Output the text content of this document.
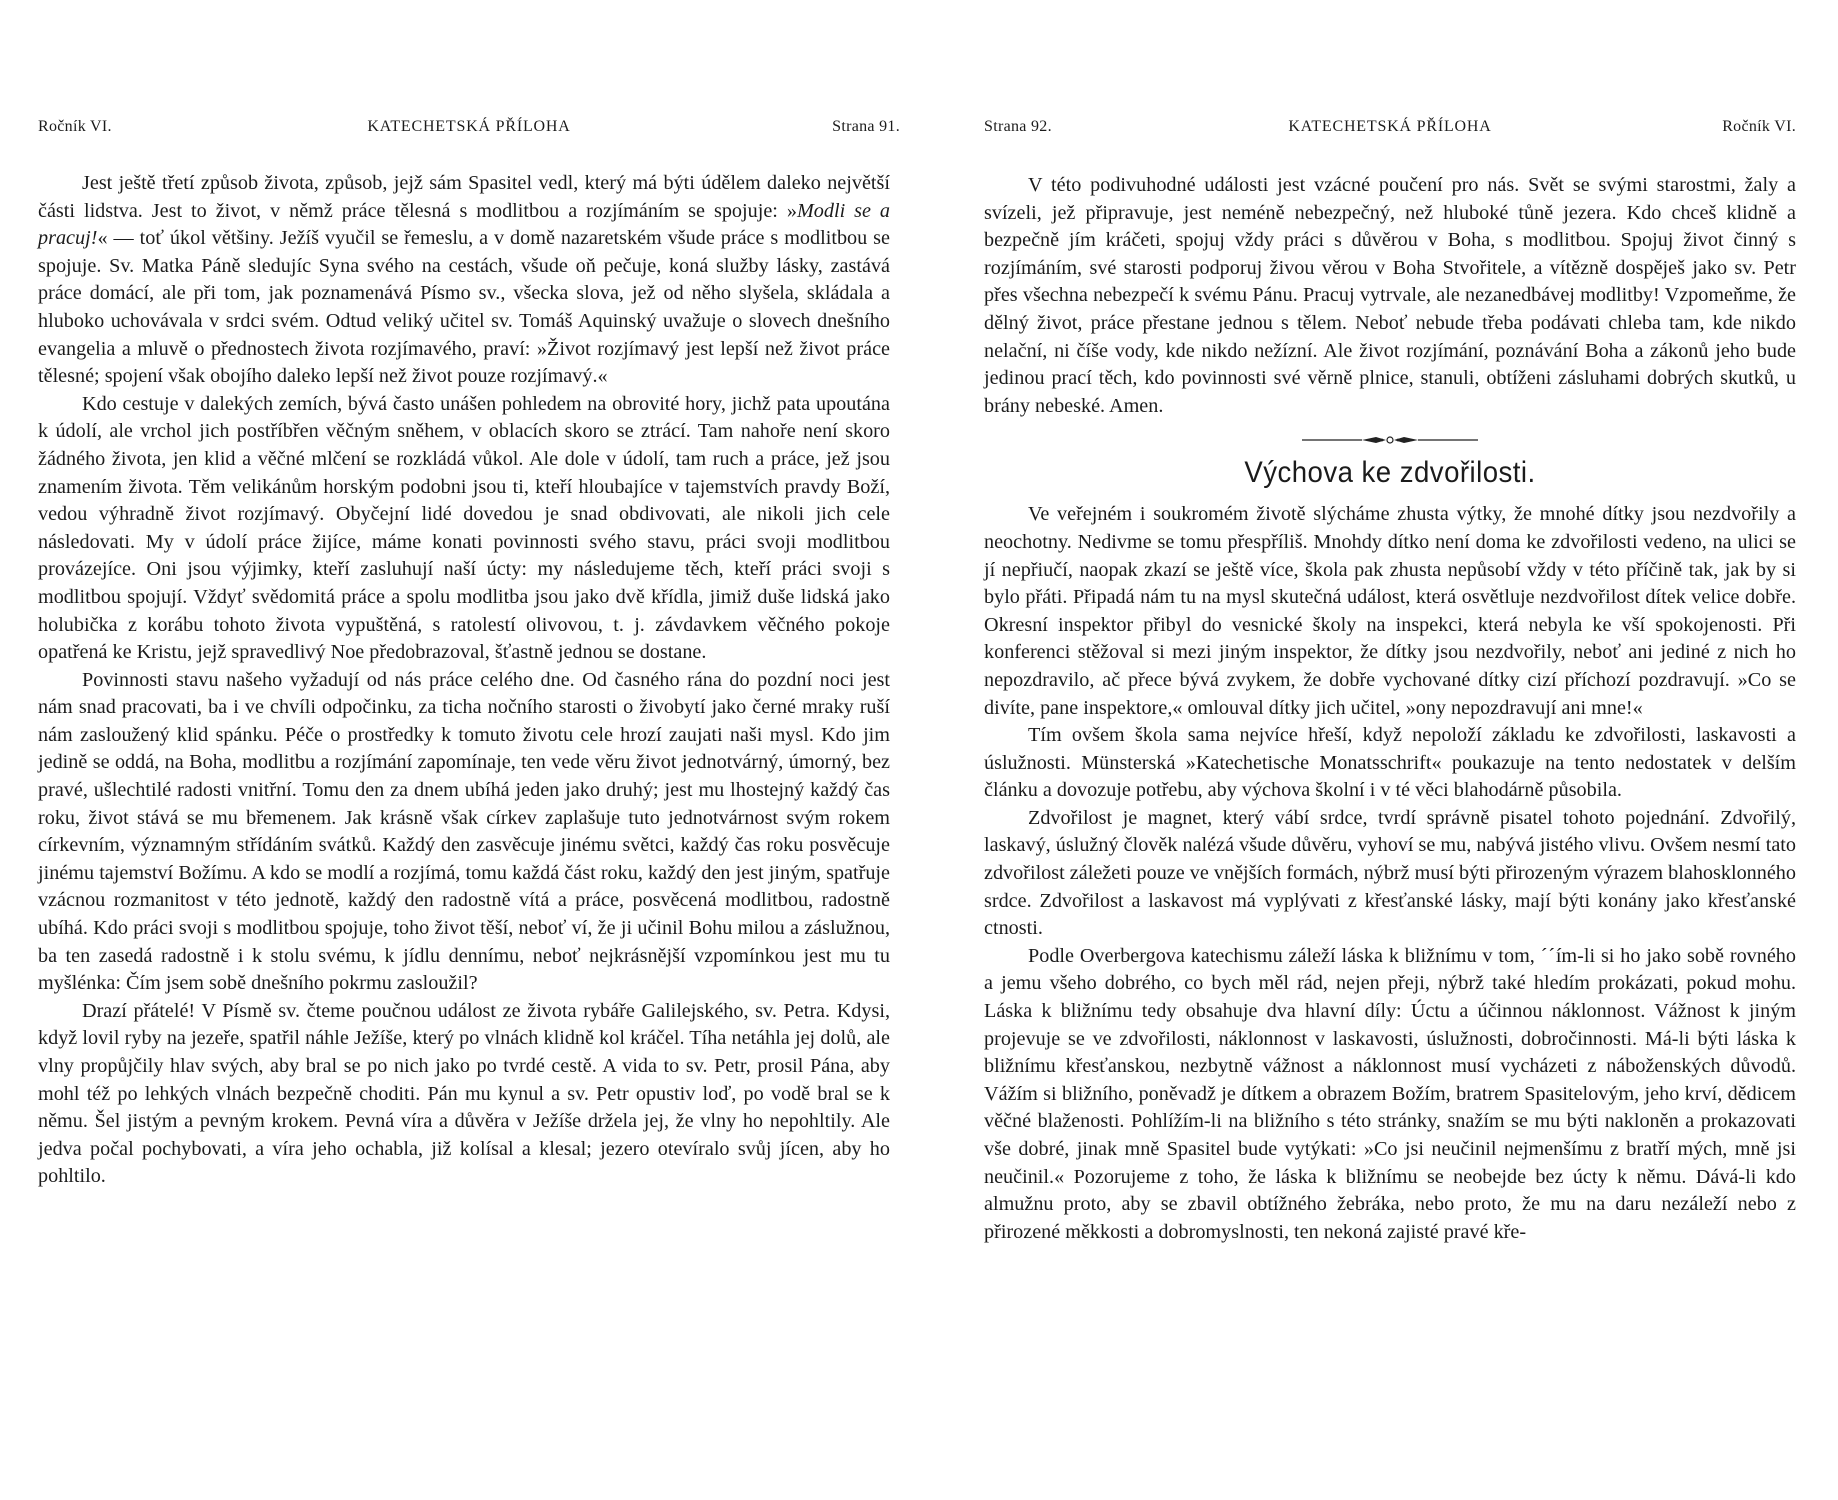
Ročník VI.	KATECHETSKÁ PŘÍLOHA	Strana 91.

Jest ještě třetí způsob života, způsob, jejž sám Spasitel vedl, který má býti údělem daleko největší části lidstva. Jest to život, v němž práce tělesná s modlitbou a rozjímáním se spojuje: »Modli se a pracuj!« — toť úkol většiny. Ježíš vyučil se řemeslu, a v domě nazaretském všude práce s modlitbou se spojuje. Sv. Matka Páně sledujíc Syna svého na cestách, všude oň pečuje, koná služby lásky, zastává práce domácí, ale při tom, jak poznamenává Písmo sv., všecka slova, jež od něho slyšela, skládala a hluboko uchovávala v srdci svém. Odtud veliký učitel sv. Tomáš Aquinský uvažuje o slovech dnešního evangelia a mluvě o přednostech života rozjímavého, praví: »Život rozjímavý jest lepší než život práce tělesné; spojení však obojího daleko lepší než život pouze rozjímavý.«

Kdo cestuje v dalekých zemích, bývá často unášen pohledem na obrovité hory, jichž pata upoutána k údolí, ale vrchol jich postříbřen věčným sněhem, v oblacích skoro se ztrácí. Tam nahoře není skoro žádného života, jen klid a věčné mlčení se rozkládá vůkol. Ale dole v údolí, tam ruch a práce, jež jsou znamením života. Těm velikánům horským podobni jsou ti, kteří hloubajíce v tajemstvích pravdy Boží, vedou výhradně život rozjímavý. Obyčejní lidé dovedou je snad obdivovati, ale nikoli jich cele následovati. My v údolí práce žijíce, máme konati povinnosti svého stavu, práci svoji modlitbou provázejíce. Oni jsou výjimky, kteří zasluhují naší úcty: my následujeme těch, kteří práci svoji s modlitbou spojují. Vždyť svědomitá práce a spolu modlitba jsou jako dvě křídla, jimiž duše lidská jako holubička z korábu tohoto života vypuštěná, s ratolestí olivovou, t. j. závdavkem věčného pokoje opatřená ke Kristu, jejž spravedlivý Noe předobrazoval, šťastně jednou se dostane.

Povinnosti stavu našeho vyžadují od nás práce celého dne. Od časného rána do pozdní noci jest nám snad pracovati, ba i ve chvíli odpočinku, za ticha nočního starosti o živobytí jako černé mraky ruší nám zasloužený klid spánku. Péče o prostředky k tomuto životu cele hrozí zaujati naši mysl. Kdo jim jedině se oddá, na Boha, modlitbu a rozjímání zapomínaje, ten vede věru život jednotvárný, úmorný, bez pravé, ušlechtilé radosti vnitřní. Tomu den za dnem ubíhá jeden jako druhý; jest mu lhostejný každý čas roku, život stává se mu břemenem. Jak krásně však církev zaplašuje tuto jednotvárnost svým rokem církevním, významným střídáním svátků. Každý den zasvěcuje jinému světci, každý čas roku posvěcuje jinému tajemství Božímu. A kdo se modlí a rozjímá, tomu každá část roku, každý den jest jiným, spatřuje vzácnou rozmanitost v této jednotě, každý den radostně vítá a práce, posvěcená modlitbou, radostně ubíhá. Kdo práci svoji s modlitbou spojuje, toho život těší, neboť ví, že ji učinil Bohu milou a záslužnou, ba ten zasedá radostně i k stolu svému, k jídlu dennímu, neboť nejkrásnější vzpomínkou jest mu tu myšlénka: Čím jsem sobě dnešního pokrmu zasloužil?

Drazí přátelé! V Písmě sv. čteme poučnou událost ze života rybáře Galilejského, sv. Petra. Kdysi, když lovil ryby na jezeře, spatřil náhle Ježíše, který po vlnách klidně kol kráčel. Tíha netáhla jej dolů, ale vlny propůjčily hlav svých, aby bral se po nich jako po tvrdé cestě. A vida to sv. Petr, prosil Pána, aby mohl též po lehkých vlnách bezpečně choditi. Pán mu kynul a sv. Petr opustiv loď, po vodě bral se k němu. Šel jistým a pevným krokem. Pevná víra a důvěra v Ježíše držela jej, že vlny ho nepohltily. Ale jedva počal pochybovati, a víra jeho ochabla, již kolísal a klesal; jezero otevíralo svůj jícen, aby ho pohltilo.

Strana 92.	KATECHETSKÁ PŘÍLOHA	Ročník VI.

V této podivuhodné události jest vzácné poučení pro nás. Svět se svými starostmi, žaly a svízeli, jež připravuje, jest neméně nebezpečný, než hluboké tůně jezera. Kdo chceš klidně a bezpečně jím kráčeti, spojuj vždy práci s důvěrou v Boha, s modlitbou. Spojuj život činný s rozjímáním, své starosti podporuj živou věrou v Boha Stvořitele, a vítězně dospěješ jako sv. Petr přes všechna nebezpečí k svému Pánu. Pracuj vytrvale, ale nezanedbávej modlitby! Vzpomeňme, že dělný život, práce přestane jednou s tělem. Neboť nebude třeba podávati chleba tam, kde nikdo nelační, ni číše vody, kde nikdo nežízní. Ale život rozjímání, poznávání Boha a zákonů jeho bude jedinou prací těch, kdo povinnosti své věrně plnice, stanuli, obtíženi zásluhami dobrých skutků, u brány nebeské. Amen.

Výchova ke zdvořilosti.

Ve veřejném i soukromém životě slýcháme zhusta výtky, že mnohé dítky jsou nezdvořily a neochotny. Nedivme se tomu přespříliš. Mnohdy dítko není doma ke zdvořilosti vedeno, na ulici se jí nepřiučí, naopak zkazí se ještě více, škola pak zhusta nepůsobí vždy v této příčině tak, jak by si bylo přáti. Připadá nám tu na mysl skutečná událost, která osvětluje nezdvořilost dítek velice dobře. Okresní inspektor přibyl do vesnické školy na inspekci, která nebyla ke vší spokojenosti. Při konferenci stěžoval si mezi jiným inspektor, že dítky jsou nezdvořily, neboť ani jediné z nich ho nepozdravilo, ač přece bývá zvykem, že dobře vychované dítky cizí příchozí pozdravují. »Co se divíte, pane inspektore,« omlouval dítky jich učitel, »ony nepozdravují ani mne!«

Tím ovšem škola sama nejvíce hřeší, když nepoloží základu ke zdvořilosti, laskavosti a úslužnosti. Münsterská »Katechetische Monatsschrift« poukazuje na tento nedostatek v delším článku a dovozuje potřebu, aby výchova školní i v té věci blahodárně působila.

Zdvořilost je magnet, který vábí srdce, tvrdí správně pisatel tohoto pojednání. Zdvořilý, laskavý, úslužný člověk nalézá všude důvěru, vyhoví se mu, nabývá jistého vlivu. Ovšem nesmí tato zdvořilost záležeti pouze ve vnějších formách, nýbrž musí býti přirozeným výrazem blahosklonného srdce. Zdvořilost a laskavost má vyplývati z křesťanské lásky, mají býti konány jako křesťanské ctnosti.

Podle Overbergova katechismu záleží láska k bližnímu v tom, ˊˊím-li si ho jako sobě rovného a jemu všeho dobrého, co bych měl rád, nejen přeji, nýbrž také hledím prokázati, pokud mohu. Láska k bližnímu tedy obsahuje dva hlavní díly: Úctu a účinnou náklonnost. Vážnost k jiným projevuje se ve zdvořilosti, náklonnost v laskavosti, úslužnosti, dobročinnosti. Má-li býti láska k bližnímu křesťanskou, nezbytně vážnost a náklonnost musí vycházeti z náboženských důvodů. Vážím si bližního, poněvadž je dítkem a obrazem Božím, bratrem Spasitelovým, jeho krví, dědicem věčné blaženosti. Pohlížím-li na bližního s této stránky, snažím se mu býti nakloněn a prokazovati vše dobré, jinak mně Spasitel bude vytýkati: »Co jsi neučinil nejmenšímu z bratří mých, mně jsi neučinil.« Pozorujeme z toho, že láska k bližnímu se neobejde bez úcty k němu. Dává-li kdo almužnu proto, aby se zbavil obtížného žebráka, nebo proto, že mu na daru nezáleží nebo z přirozené měkkosti a dobromyslnosti, ten nekoná zajisté pravé kře-
